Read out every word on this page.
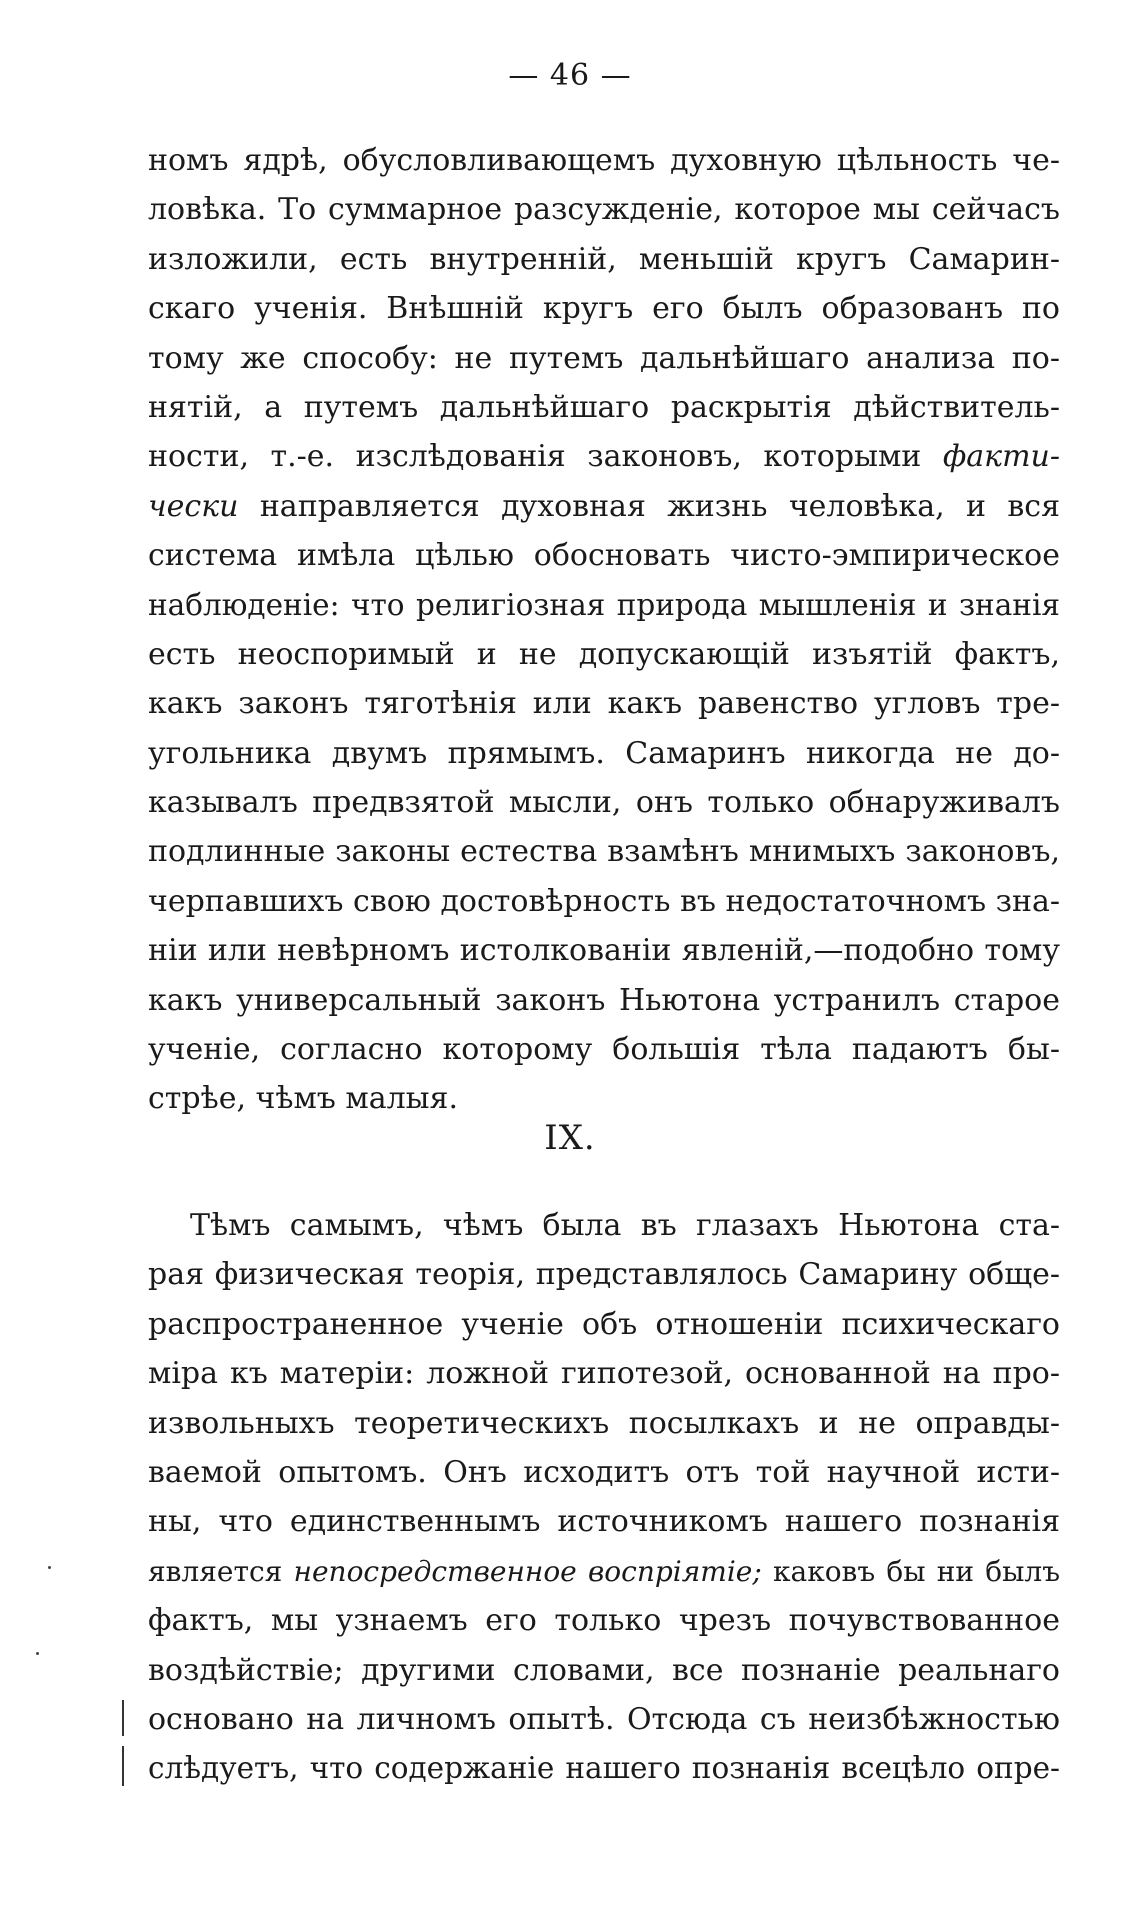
— 46 —
номъ ядрѣ, обусловливающемъ духовную цѣльность че-
ловѣка. То суммарное разсужденіе, которое мы сейчасъ
изложили, есть внутренній, меньшій кругъ Самарин-
скаго ученія. Внѣшній кругъ его былъ образованъ по
тому же способу: не путемъ дальнѣйшаго анализа по-
нятій, а путемъ дальнѣйшаго раскрытія дѣйствитель-
ности, т.-е. изслѣдованія законовъ, которыми факти-
чески направляется духовная жизнь человѣка, и вся
система имѣла цѣлью обосновать чисто-эмпирическое
наблюденіе: что религіозная природа мышленія и знанія
есть неоспоримый и не допускающій изъятій фактъ,
какъ законъ тяготѣнія или какъ равенство угловъ тре-
угольника двумъ прямымъ. Самаринъ никогда не до-
казывалъ предвзятой мысли, онъ только обнаруживалъ
подлинные законы естества взамѣнъ мнимыхъ законовъ,
черпавшихъ свою достовѣрность въ недостаточномъ зна-
ніи или невѣрномъ истолкованіи явленій,—подобно тому
какъ универсальный законъ Ньютона устранилъ старое
ученіе, согласно которому большія тѣла падаютъ бы-
стрѣе, чѣмъ малыя.
IX.
Тѣмъ самымъ, чѣмъ была въ глазахъ Ньютона ста-
рая физическая теорія, представлялось Самарину обще-
распространенное ученіе объ отношеніи психическаго
міра къ матеріи: ложной гипотезой, основанной на про-
извольныхъ теоретическихъ посылкахъ и не оправды-
ваемой опытомъ. Онъ исходитъ отъ той научной исти-
ны, что единственнымъ источникомъ нашего познанія
является непосредственное воспріятіе; каковъ бы ни былъ
фактъ, мы узнаемъ его только чрезъ почувствованное
воздѣйствіе; другими словами, все познаніе реальнаго
основано на личномъ опытѣ. Отсюда съ неизбѣжностью
слѣдуетъ, что содержаніе нашего познанія всецѣло опре-
